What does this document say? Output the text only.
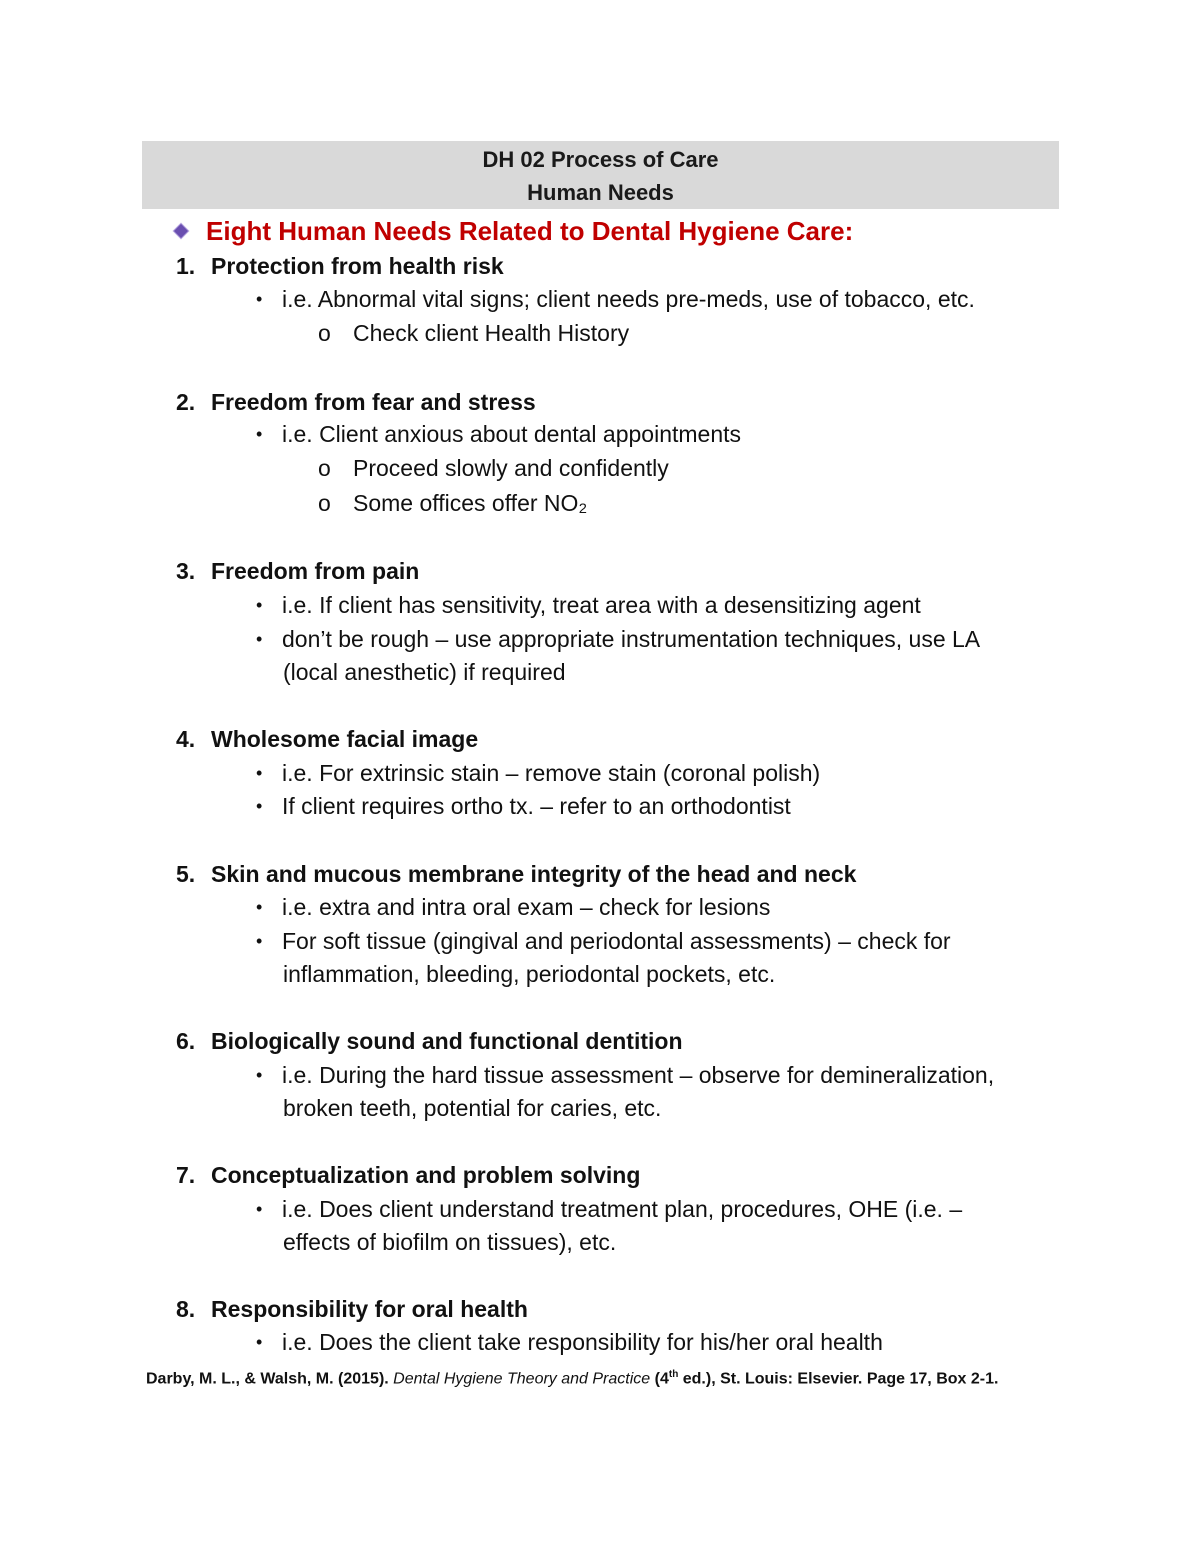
DH 02 Process of Care
Human Needs
Eight Human Needs Related to Dental Hygiene Care:
1. Protection from health risk
• i.e. Abnormal vital signs; client needs pre-meds, use of tobacco, etc.
o Check client Health History
2. Freedom from fear and stress
• i.e. Client anxious about dental appointments
o Proceed slowly and confidently
o Some offices offer NO₂
3. Freedom from pain
• i.e. If client has sensitivity, treat area with a desensitizing agent
• don’t be rough – use appropriate instrumentation techniques, use LA
(local anesthetic) if required
4. Wholesome facial image
• i.e. For extrinsic stain – remove stain (coronal polish)
• If client requires ortho tx. – refer to an orthodontist
5. Skin and mucous membrane integrity of the head and neck
• i.e. extra and intra oral exam – check for lesions
• For soft tissue (gingival and periodontal assessments) – check for
inflammation, bleeding, periodontal pockets, etc.
6. Biologically sound and functional dentition
• i.e. During the hard tissue assessment – observe for demineralization,
broken teeth, potential for caries, etc.
7. Conceptualization and problem solving
• i.e. Does client understand treatment plan, procedures, OHE (i.e. –
effects of biofilm on tissues), etc.
8. Responsibility for oral health
• i.e. Does the client take responsibility for his/her oral health
Darby, M. L., & Walsh, M. (2015). Dental Hygiene Theory and Practice (4th ed.), St. Louis: Elsevier. Page 17, Box 2-1.
